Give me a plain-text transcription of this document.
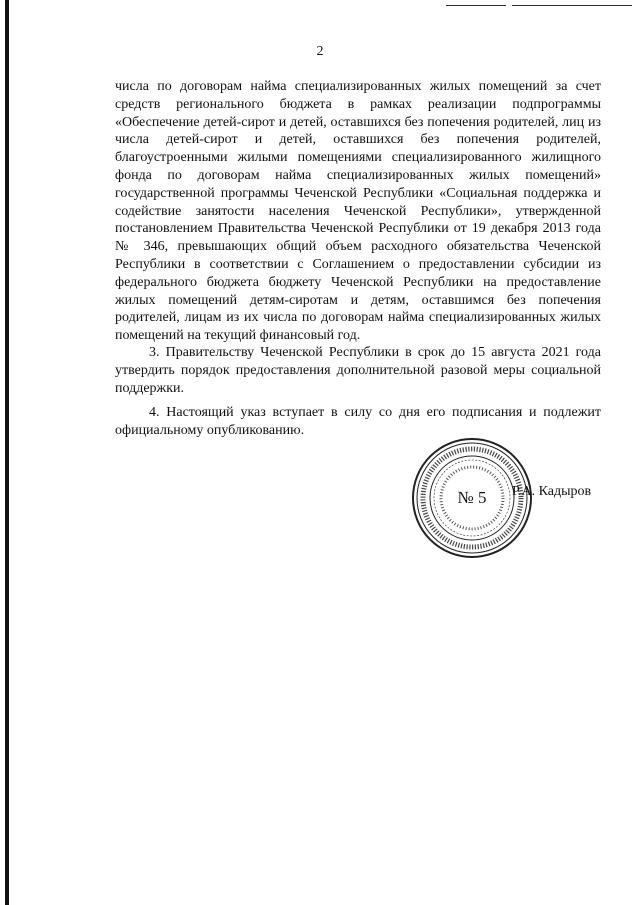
2

числа по договорам найма специализированных жилых помещений за счет средств регионального бюджета в рамках реализации подпрограммы «Обеспечение детей-сирот и детей, оставшихся без попечения родителей, лиц из числа детей-сирот и детей, оставшихся без попечения родителей, благоустроенными жилыми помещениями специализированного жилищного фонда по договорам найма специализированных жилых помещений» государственной программы Чеченской Республики «Социальная поддержка и содействие занятости населения Чеченской Республики», утвержденной постановлением Правительства Чеченской Республики от 19 декабря 2013 года № 346, превышающих общий объем расходного обязательства Чеченской Республики в соответствии с Соглашением о предоставлении субсидии из федерального бюджета бюджету Чеченской Республики на предоставление жилых помещений детям-сиротам и детям, оставшимся без попечения родителей, лицам из их числа по договорам найма специализированных жилых помещений на текущий финансовый год.

3. Правительству Чеченской Республики в срок до 15 августа 2021 года утвердить порядок предоставления дополнительной разовой меры социальной поддержки.

4. Настоящий указ вступает в силу со дня его подписания и подлежит официальному опубликованию.

№ 5 Р.А. Кадыров
